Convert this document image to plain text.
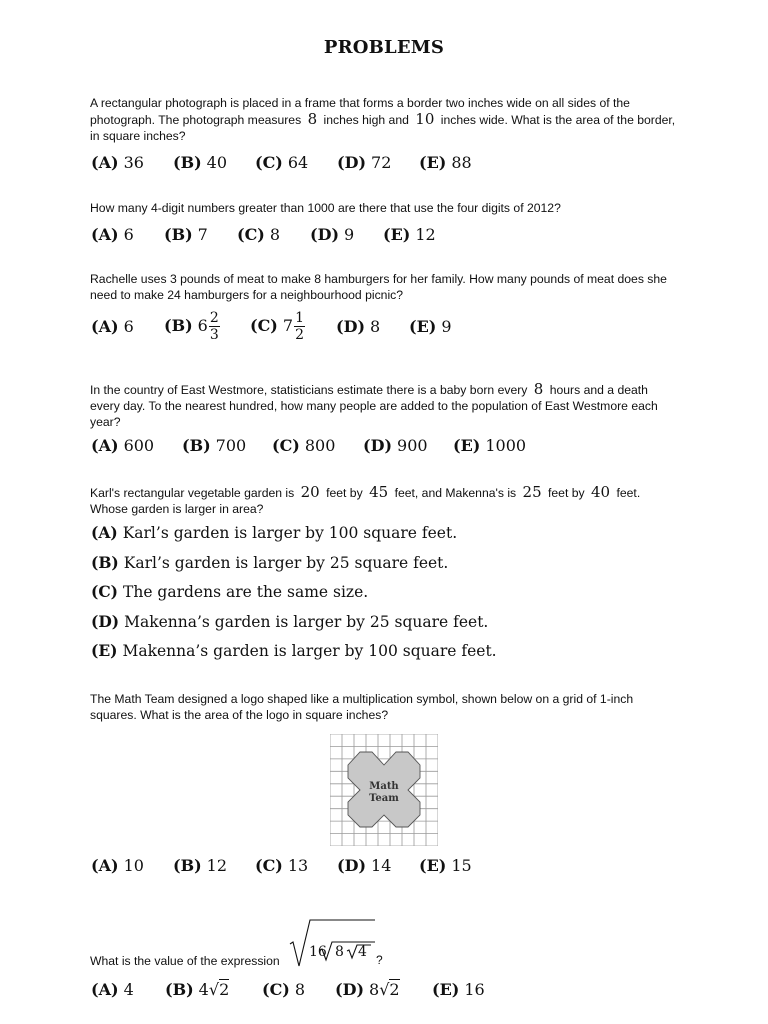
PROBLEMS
A rectangular photograph is placed in a frame that forms a border two inches wide on all sides of the photograph. The photograph measures 8 inches high and 10 inches wide. What is the area of the border, in square inches?
(A) 36 (B) 40 (C) 64 (D) 72 (E) 88
How many 4-digit numbers greater than 1000 are there that use the four digits of 2012?
(A) 6 (B) 7 (C) 8 (D) 9 (E) 12
Rachelle uses 3 pounds of meat to make 8 hamburgers for her family. How many pounds of meat does she need to make 24 hamburgers for a neighbourhood picnic?
(A) 6 (B) $6 \frac{2}{3} (C)$ $7 \frac{1}{2} (D)$ 8 (E) 9
In the country of East Westmore, statisticians estimate there is a baby born every 8 hours and a death every day. To the nearest hundred, how many people are added to the population of East Westmore each year?
(A) 600 (B) 700 (C) 800 (D) 900 (E) 1000
Karl's rectangular vegetable garden is 20 feet by 45 feet, and Makenna's is 25 feet by 40 feet. Whose garden is larger in area?
(A) Karl’s garden is larger by 100 square feet.
(B) Karl’s garden is larger by 25 square feet.
(C) The gardens are the same size.
(D) Makenna’s garden is larger by 25 square feet.
(E) Makenna’s garden is larger by 100 square feet.
The Math Team designed a logo shaped like a multiplication symbol, shown below on a grid of 1-inch squares. What is the area of the logo in square inches?
Math
Team
(A) 10 (B) 12 (C) 13 (D) 14 (E) 15
What is the value of the expression
16 8 4 ?
(A) 4 (B) 4√2 (C) 8 (D) 8√2 (E) 16
